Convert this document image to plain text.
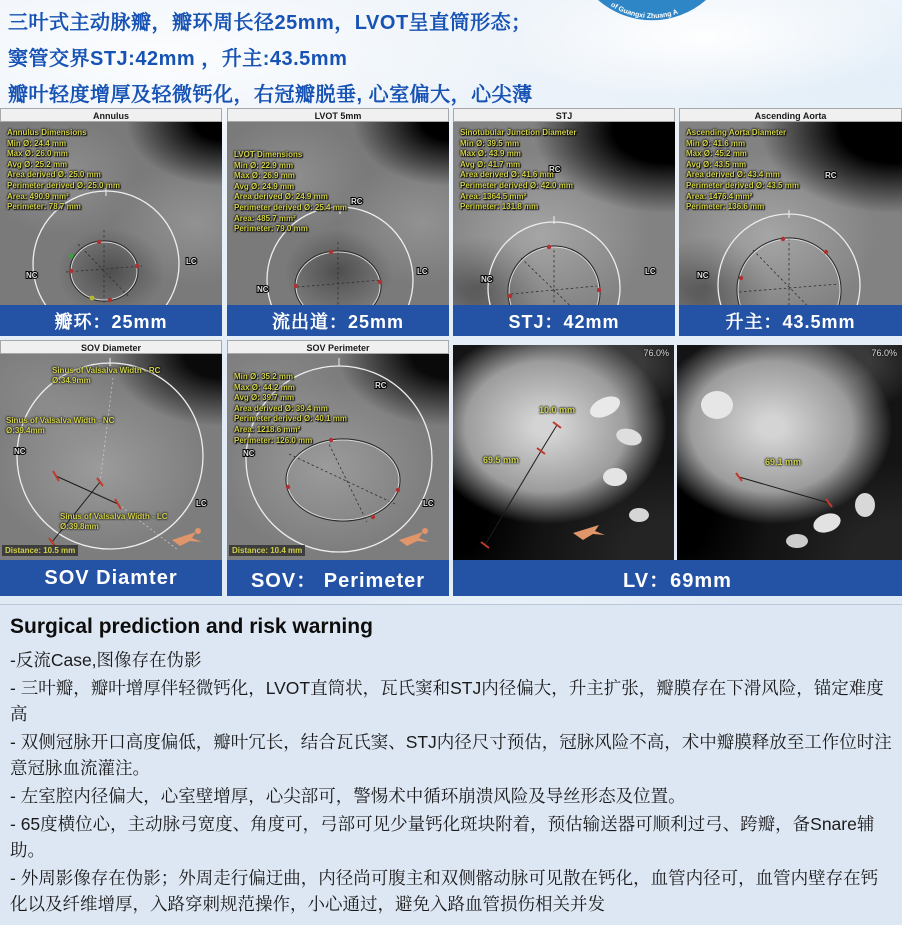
三叶式主动脉瓣，瓣环周长径25mm，LVOT呈直筒形态；
窦管交界STJ:42mm ，升主:43.5mm
瓣叶轻度增厚及轻微钙化，右冠瓣脱垂, 心室偏大，心尖薄
of Guangxi Zhuang A
Annulus
LC
NC
Annulus Dimensions
Min Ø: 24.4 mm
Max Ø: 26.0 mm
Avg Ø: 25.2 mm
Area derived Ø: 25.0 mm
Perimeter derived Ø: 25.0 mm
Area: 490.9 mm²
Perimeter: 78.7 mm
瓣环：25mm
LVOT 5mm
RC
LC
NC
LVOT Dimensions
Min Ø: 22.9 mm
Max Ø: 26.9 mm
Avg Ø: 24.9 mm
Area derived Ø: 24.9 mm
Perimeter derived Ø: 25.4 mm
Area: 485.7 mm²
Perimeter: 79.0 mm
流出道：25mm
STJ
RC
LC
NC
Sinotubular Junction Diameter
Min Ø: 39.5 mm
Max Ø: 43.9 mm
Avg Ø: 41.7 mm
Area derived Ø: 41.6 mm
Perimeter derived Ø: 42.0 mm
Area: 1364.5 mm²
Perimeter: 131.8 mm
STJ：42mm
Ascending Aorta
RC
NC
Ascending Aorta Diameter
Min Ø: 41.6 mm
Max Ø: 45.2 mm
Avg Ø: 43.5 mm
Area derived Ø: 43.4 mm
Perimeter derived Ø: 43.5 mm
Area: 1476.4 mm²
Perimeter: 136.6 mm
升主：43.5mm
SOV Diameter
LC
NC
Sinus of Valsalva Width - RC
Ø:34.9mm
Sinus of Valsalva Width - NC
Ø:39.4mm
Sinus of Valsalva Width - LC
Ø:39.8mm
Distance: 10.5 mm
SOV Diamter
SOV Perimeter
RC
LC
NC
Min Ø: 35.2 mm
Max Ø: 44.2 mm
Avg Ø: 39.7 mm
Area derived Ø: 39.4 mm
Perimeter derived Ø: 40.1 mm
Area: 1218.6 mm²
Perimeter: 126.0 mm
Distance: 10.4 mm
SOV： Perimeter
76.0%
10.0 mm
69.5 mm
76.0%
69.1 mm
LV：69mm
Surgical prediction and risk warning
-反流Case,图像存在伪影
- 三叶瓣，瓣叶增厚伴轻微钙化，LVOT直筒状，瓦氏窦和STJ内径偏大，升主扩张，瓣膜存在下滑风险，锚定难度高
- 双侧冠脉开口高度偏低，瓣叶冗长，结合瓦氏窦、STJ内径尺寸预估，冠脉风险不高，术中瓣膜释放至工作位时注意冠脉血流灌注。
- 左室腔内径偏大，心室壁增厚，心尖部可，警惕术中循环崩溃风险及导丝形态及位置。
- 65度横位心，主动脉弓宽度、角度可，弓部可见少量钙化斑块附着，预估输送器可顺利过弓、跨瓣，备Snare辅助。
- 外周影像存在伪影；外周走行偏迂曲，内径尚可腹主和双侧髂动脉可见散在钙化，血管内径可，血管内壁存在钙化以及纤维增厚，入路穿刺规范操作，小心通过，避免入路血管损伤相关并发
